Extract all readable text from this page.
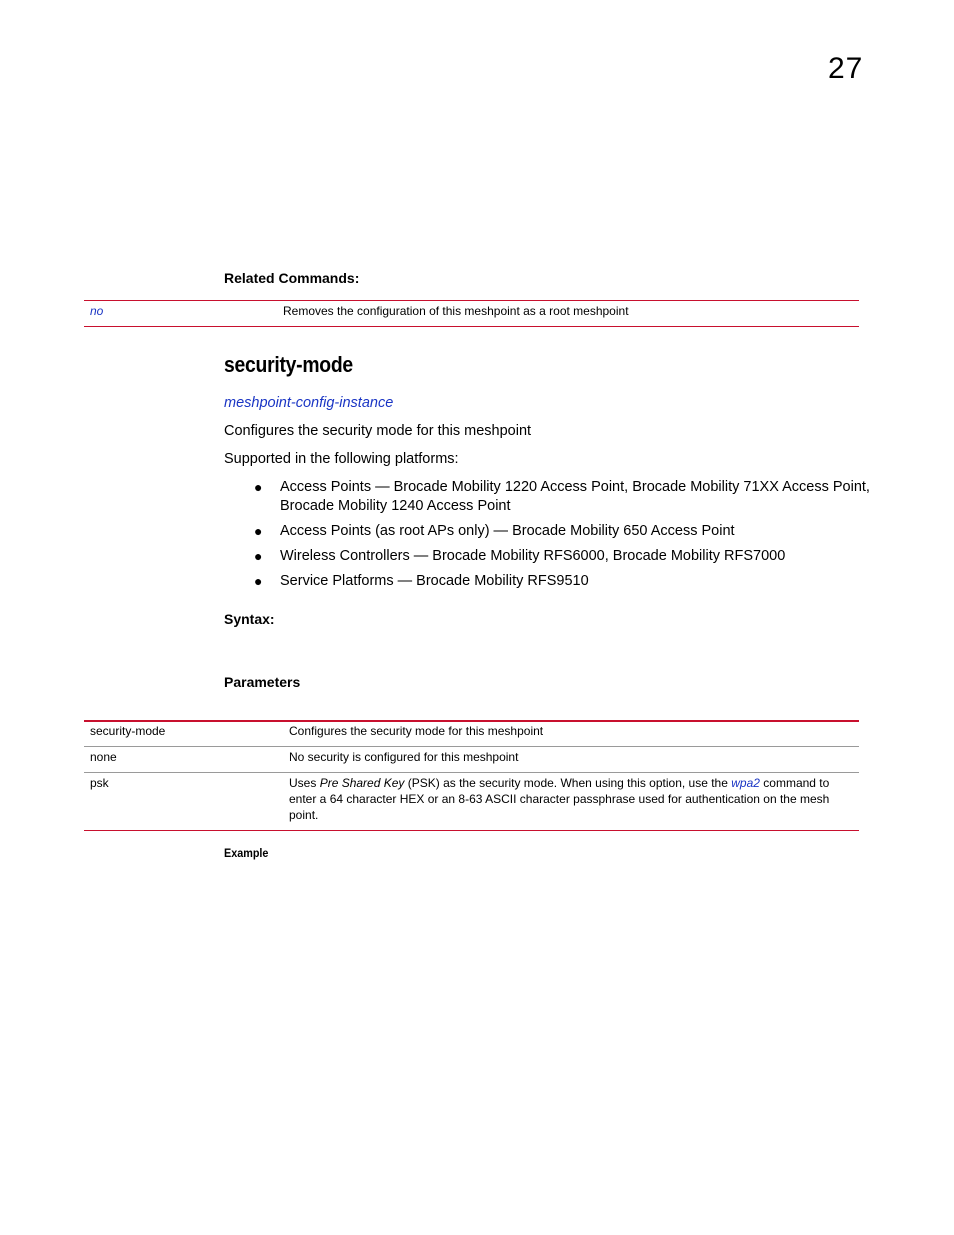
27
Related Commands:
no	Removes the configuration of this meshpoint as a root meshpoint
security-mode
meshpoint-config-instance
Configures the security mode for this meshpoint
Supported in the following platforms:
● Access Points — Brocade Mobility 1220 Access Point, Brocade Mobility 71XX Access Point, Brocade Mobility 1240 Access Point
● Access Points (as root APs only) — Brocade Mobility 650 Access Point
● Wireless Controllers — Brocade Mobility RFS6000, Brocade Mobility RFS7000
● Service Platforms — Brocade Mobility RFS9510
Syntax:
Parameters
security-mode	Configures the security mode for this meshpoint
none	No security is configured for this meshpoint
psk	Uses Pre Shared Key (PSK) as the security mode. When using this option, use the wpa2 command to enter a 64 character HEX or an 8-63 ASCII character passphrase used for authentication on the mesh point.
Example
